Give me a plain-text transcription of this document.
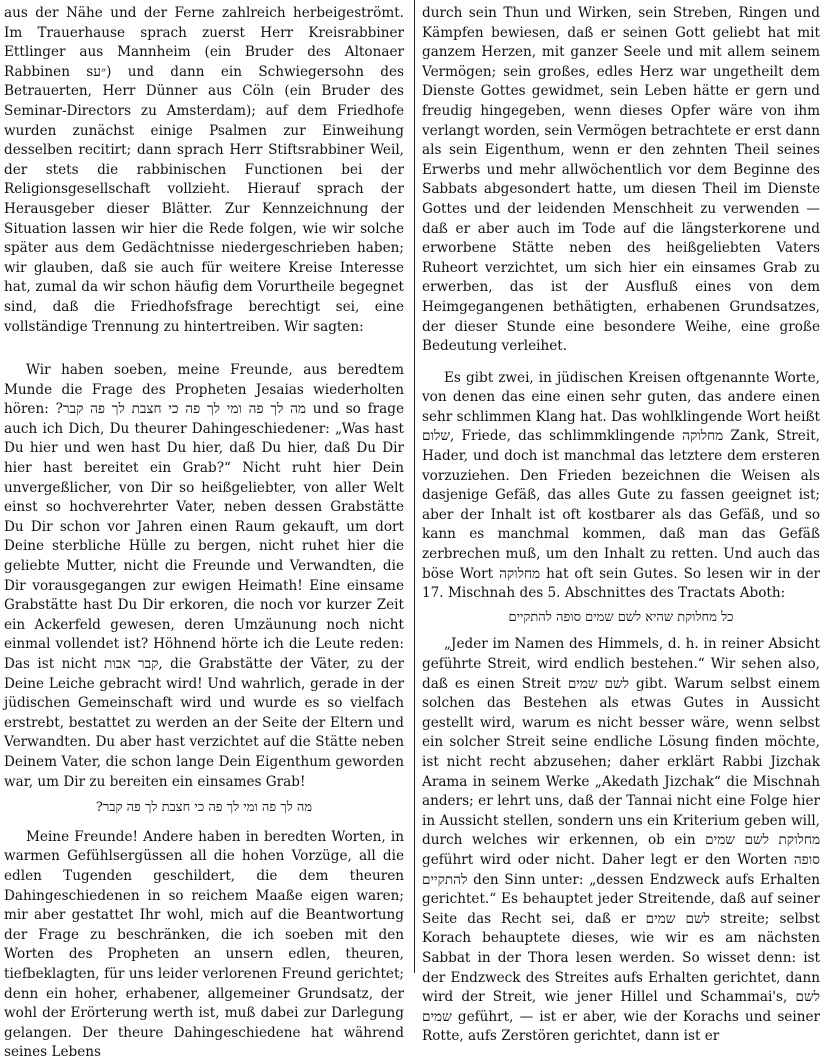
aus der Nähe und der Ferne zahlreich herbeigeströmt. Im Trauerhause sprach zuerst Herr Kreisrabbiner Ettlinger aus Mannheim (ein Bruder des Altonaer Rabbinen s״ע) und dann ein Schwiegersohn des Betrauerten, Herr Dünner aus Cöln (ein Bruder des Seminar-Directors zu Amsterdam); auf dem Friedhofe wurden zunächst einige Psalmen zur Einweihung desselben recitirt; dann sprach Herr Stiftsrabbiner Weil, der stets die rabbinischen Functionen bei der Religionsgesellschaft vollzieht. Hierauf sprach der Herausgeber dieser Blätter. Zur Kennzeichnung der Situation lassen wir hier die Rede folgen, wie wir solche später aus dem Gedächtnisse niedergeschrieben haben; wir glauben, daß sie auch für weitere Kreise Interesse hat, zumal da wir schon häufig dem Vorurtheile begegnet sind, daß die Friedhofsfrage berechtigt sei, eine vollständige Trennung zu hintertreiben. Wir sagten:

Wir haben soeben, meine Freunde, aus beredtem Munde die Frage des Propheten Jesaias wiederholten hören: ?מה לך פה ומי לך פה כי חצבת לך פה קבר und so frage auch ich Dich, Du theurer Dahingeschiedener: „Was hast Du hier und wen hast Du hier, daß Du hier, daß Du Dir hier hast bereitet ein Grab?“ Nicht ruht hier Dein unvergeßlicher, von Dir so heißgeliebter, von aller Welt einst so hochverehrter Vater, neben dessen Grabstätte Du Dir schon vor Jahren einen Raum gekauft, um dort Deine sterbliche Hülle zu bergen, nicht ruhet hier die geliebte Mutter, nicht die Freunde und Verwandten, die Dir vorausgegangen zur ewigen Heimath! Eine einsame Grabstätte hast Du Dir erkoren, die noch vor kurzer Zeit ein Ackerfeld gewesen, deren Umzäunung noch nicht einmal vollendet ist? Höhnend hörte ich die Leute reden: Das ist nicht קבר אבות, die Grabstätte der Väter, zu der Deine Leiche gebracht wird! Und wahrlich, gerade in der jüdischen Gemeinschaft wird und wurde es so vielfach erstrebt, bestattet zu werden an der Seite der Eltern und Verwandten. Du aber hast verzichtet auf die Stätte neben Deinem Vater, die schon lange Dein Eigenthum geworden war, um Dir zu bereiten ein einsames Grab!

מה לך פה ומי לך פה כי חצבת לך פה קבר?

Meine Freunde! Andere haben in beredten Worten, in warmen Gefühlsergüssen all die hohen Vorzüge, all die edlen Tugenden geschildert, die dem theuren Dahingeschiedenen in so reichem Maaße eigen waren; mir aber gestattet Ihr wohl, mich auf die Beantwortung der Frage zu beschränken, die ich soeben mit den Worten des Propheten an unsern edlen, theuren, tiefbeklagten, für uns leider verlorenen Freund gerichtet; denn ein hoher, erhabener, allgemeiner Grundsatz, der wohl der Erörterung werth ist, muß dabei zur Darlegung gelangen. Der theure Dahingeschiedene hat während seines Lebens

durch sein Thun und Wirken, sein Streben, Ringen und Kämpfen bewiesen, daß er seinen Gott geliebt hat mit ganzem Herzen, mit ganzer Seele und mit allem seinem Vermögen; sein großes, edles Herz war ungetheilt dem Dienste Gottes gewidmet, sein Leben hätte er gern und freudig hingegeben, wenn dieses Opfer wäre von ihm verlangt worden, sein Vermögen betrachtete er erst dann als sein Eigenthum, wenn er den zehnten Theil seines Erwerbs und mehr allwöchentlich vor dem Beginne des Sabbats abgesondert hatte, um diesen Theil im Dienste Gottes und der leidenden Menschheit zu verwenden — daß er aber auch im Tode auf die längsterkorene und erworbene Stätte neben des heißgeliebten Vaters Ruheort verzichtet, um sich hier ein einsames Grab zu erwerben, das ist der Ausfluß eines von dem Heimgegangenen bethätigten, erhabenen Grundsatzes, der dieser Stunde eine besondere Weihe, eine große Bedeutung verleihet.

Es gibt zwei, in jüdischen Kreisen oftgenannte Worte, von denen das eine einen sehr guten, das andere einen sehr schlimmen Klang hat. Das wohlklingende Wort heißt שלום, Friede, das schlimmklingende מחלוקה Zank, Streit, Hader, und doch ist manchmal das letztere dem ersteren vorzuziehen. Den Frieden bezeichnen die Weisen als dasjenige Gefäß, das alles Gute zu fassen geeignet ist; aber der Inhalt ist oft kostbarer als das Gefäß, und so kann es manchmal kommen, daß man das Gefäß zerbrechen muß, um den Inhalt zu retten. Und auch das böse Wort מחלוקה hat oft sein Gutes. So lesen wir in der 17. Mischnah des 5. Abschnittes des Tractats Aboth:

כל מחלוקת שהיא לשם שמים סופה להתקיים

„Jeder im Namen des Himmels, d. h. in reiner Absicht geführte Streit, wird endlich bestehen.“ Wir sehen also, daß es einen Streit לשם שמים gibt. Warum selbst einem solchen das Bestehen als etwas Gutes in Aussicht gestellt wird, warum es nicht besser wäre, wenn selbst ein solcher Streit seine endliche Lösung finden möchte, ist nicht recht abzusehen; daher erklärt Rabbi Jizchak Arama in seinem Werke „Akedath Jizchak“ die Mischnah anders; er lehrt uns, daß der Tannai nicht eine Folge hier in Aussicht stellen, sondern uns ein Kriterium geben will, durch welches wir erkennen, ob ein מחלוקת לשם שמים geführt wird oder nicht. Daher legt er den Worten סופה להתקיים den Sinn unter: „dessen Endzweck aufs Erhalten gerichtet.“ Es behauptet jeder Streitende, daß auf seiner Seite das Recht sei, daß er לשם שמים streite; selbst Korach behauptete dieses, wie wir es am nächsten Sabbat in der Thora lesen werden. So wisset denn: ist der Endzweck des Streites aufs Erhalten gerichtet, dann wird der Streit, wie jener Hillel und Schammai's, לשם שמים geführt, — ist er aber, wie der Korachs und seiner Rotte, aufs Zerstören gerichtet, dann ist er
